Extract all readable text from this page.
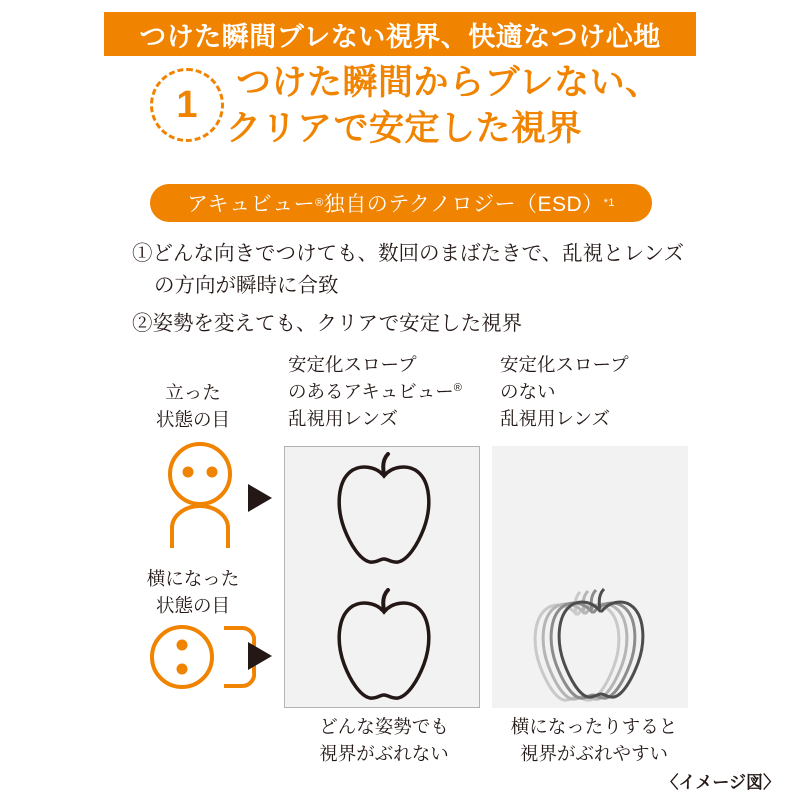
つけた瞬間ブレない視界、快適なつけ心地
1
つけた瞬間からブレない、
クリアで安定した視界
アキュビュー ® 独自のテクノロジー（ESD） *1
①どんな向きでつけても、数回のまばたきで、乱視とレンズ
の方向が瞬時に合致
②姿勢を変えても、クリアで安定した視界
安定化スロープ
のあるアキュビュー®
乱視用レンズ
安定化スロープ
のない
乱視用レンズ
立った
状態の目
横になった
状態の目
どんな姿勢でも
視界がぶれない
横になったりすると
視界がぶれやすい
〈イメージ図〉
